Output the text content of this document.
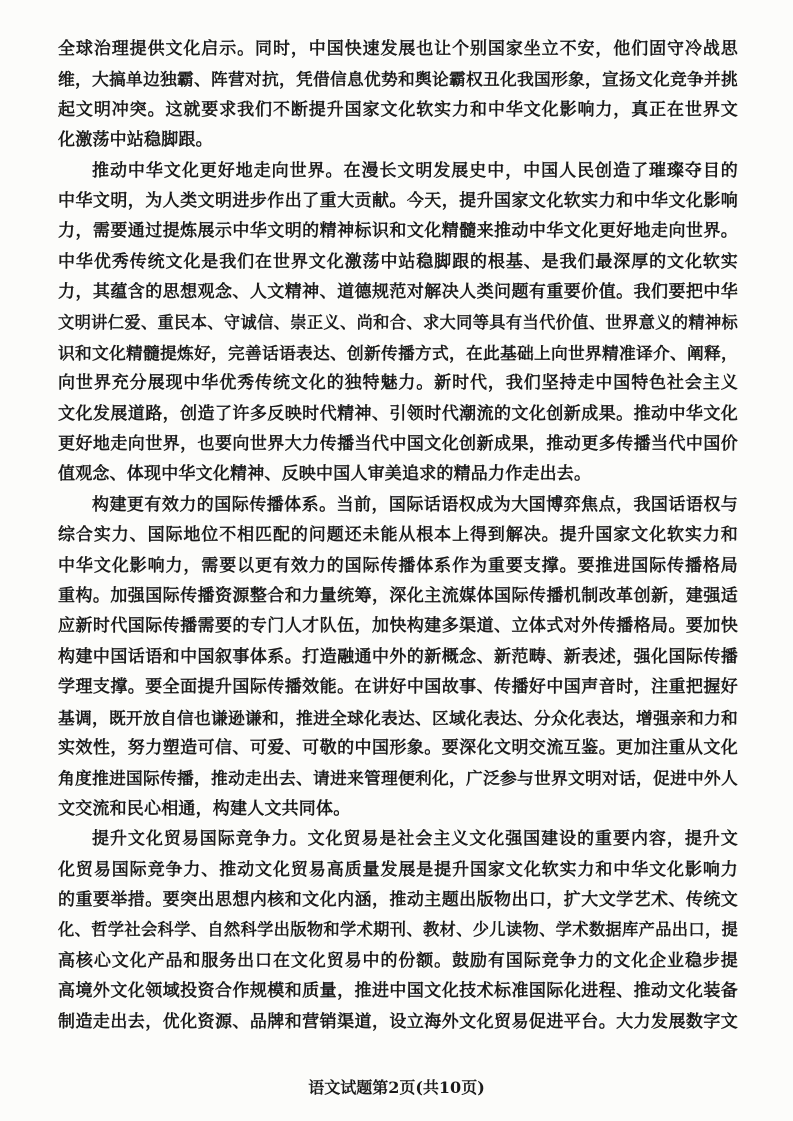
全球治理提供文化启示。同时，中国快速发展也让个别国家坐立不安，他们固守冷战思
维，大搞单边独霸、阵营对抗，凭借信息优势和舆论霸权丑化我国形象，宣扬文化竞争并挑
起文明冲突。这就要求我们不断提升国家文化软实力和中华文化影响力，真正在世界文
化激荡中站稳脚跟。
推动中华文化更好地走向世界。在漫长文明发展史中，中国人民创造了璀璨夺目的
中华文明，为人类文明进步作出了重大贡献。今天，提升国家文化软实力和中华文化影响
力，需要通过提炼展示中华文明的精神标识和文化精髓来推动中华文化更好地走向世界。
中华优秀传统文化是我们在世界文化激荡中站稳脚跟的根基、是我们最深厚的文化软实
力，其蕴含的思想观念、人文精神、道德规范对解决人类问题有重要价值。我们要把中华
文明讲仁爱、重民本、守诚信、崇正义、尚和合、求大同等具有当代价值、世界意义的精神标
识和文化精髓提炼好，完善话语表达、创新传播方式，在此基础上向世界精准译介、阐释，
向世界充分展现中华优秀传统文化的独特魅力。新时代，我们坚持走中国特色社会主义
文化发展道路，创造了许多反映时代精神、引领时代潮流的文化创新成果。推动中华文化
更好地走向世界，也要向世界大力传播当代中国文化创新成果，推动更多传播当代中国价
值观念、体现中华文化精神、反映中国人审美追求的精品力作走出去。
构建更有效力的国际传播体系。当前，国际话语权成为大国博弈焦点，我国话语权与
综合实力、国际地位不相匹配的问题还未能从根本上得到解决。提升国家文化软实力和
中华文化影响力，需要以更有效力的国际传播体系作为重要支撑。要推进国际传播格局
重构。加强国际传播资源整合和力量统筹，深化主流媒体国际传播机制改革创新，建强适
应新时代国际传播需要的专门人才队伍，加快构建多渠道、立体式对外传播格局。要加快
构建中国话语和中国叙事体系。打造融通中外的新概念、新范畴、新表述，强化国际传播
学理支撑。要全面提升国际传播效能。在讲好中国故事、传播好中国声音时，注重把握好
基调，既开放自信也谦逊谦和，推进全球化表达、区域化表达、分众化表达，增强亲和力和
实效性，努力塑造可信、可爱、可敬的中国形象。要深化文明交流互鉴。更加注重从文化
角度推进国际传播，推动走出去、请进来管理便利化，广泛参与世界文明对话，促进中外人
文交流和民心相通，构建人文共同体。
提升文化贸易国际竞争力。文化贸易是社会主义文化强国建设的重要内容，提升文
化贸易国际竞争力、推动文化贸易高质量发展是提升国家文化软实力和中华文化影响力
的重要举措。要突出思想内核和文化内涵，推动主题出版物出口，扩大文学艺术、传统文
化、哲学社会科学、自然科学出版物和学术期刊、教材、少儿读物、学术数据库产品出口，提
高核心文化产品和服务出口在文化贸易中的份额。鼓励有国际竞争力的文化企业稳步提
高境外文化领域投资合作规模和质量，推进中国文化技术标准国际化进程、推动文化装备
制造走出去，优化资源、品牌和营销渠道，设立海外文化贸易促进平台。大力发展数字文
语文试题第2页(共10页)
